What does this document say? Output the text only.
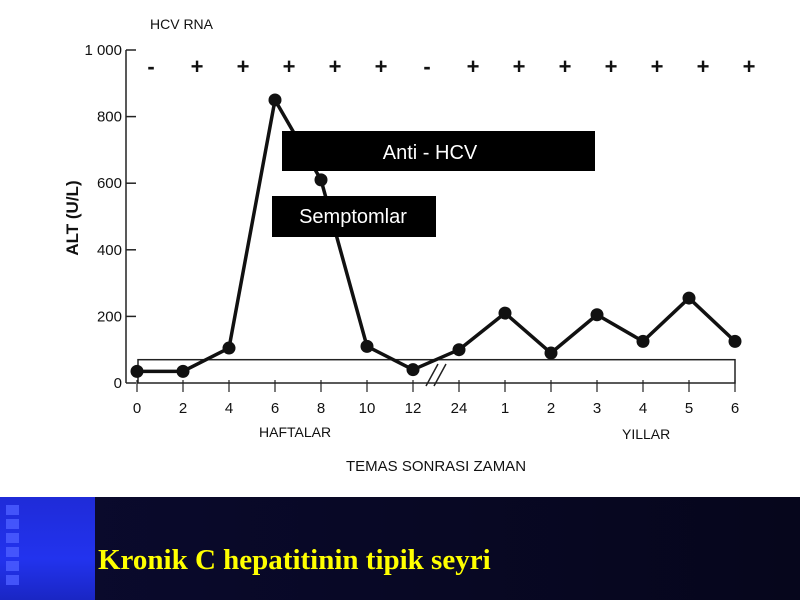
HCV RNA
- + + + + + - + + + + + + +
0
200
400
600
800
1 000
ALT (U/L)
0	2	4	6	8 10 12 24 1	2	3	4	5	6
Anti - HCV
Semptomlar
HAFTALAR	YILLAR
TEMAS SONRASI ZAMAN
Kronik C hepatitinin tipik seyri
